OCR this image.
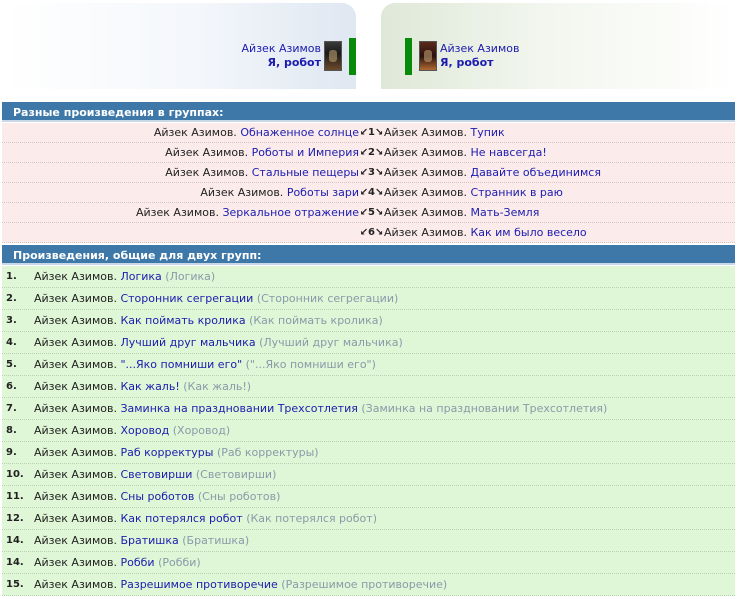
Айзек Азимов
Я, робот
Айзек Азимов
Я, робот
Разные произведения в группах:
Айзек Азимов. Обнаженное солнце ↙1↘ Айзек Азимов. Тупик
Айзек Азимов. Роботы и Империя ↙2↘ Айзек Азимов. Не навсегда!
Айзек Азимов. Стальные пещеры ↙3↘ Айзек Азимов. Давайте объединимся
Айзек Азимов. Роботы зари ↙4↘ Айзек Азимов. Странник в раю
Айзек Азимов. Зеркальное отражение ↙5↘ Айзек Азимов. Мать-Земля
↙6↘ Айзек Азимов. Как им было весело
Произведения, общие для двух групп:
1.	Айзек Азимов. Логика (Логика)
2.	Айзек Азимов. Сторонник сегрегации (Сторонник сегрегации)
3.	Айзек Азимов. Как поймать кролика (Как поймать кролика)
4.	Айзек Азимов. Лучший друг мальчика (Лучший друг мальчика)
5.	Айзек Азимов. "...Яко помниши его" ("...Яко помниши его")
6.	Айзек Азимов. Как жаль! (Как жаль!)
7.	Айзек Азимов. Заминка на праздновании Трехсотлетия (Заминка на праздновании Трехсотлетия)
8.	Айзек Азимов. Хоровод (Хоровод)
9.	Айзек Азимов. Раб корректуры (Раб корректуры)
10. Айзек Азимов. Световирши (Световирши)
11. Айзек Азимов. Сны роботов (Сны роботов)
12. Айзек Азимов. Как потерялся робот (Как потерялся робот)
14. Айзек Азимов. Братишка (Братишка)
14. Айзек Азимов. Робби (Робби)
15. Айзек Азимов. Разрешимое противоречие (Разрешимое противоречие)
